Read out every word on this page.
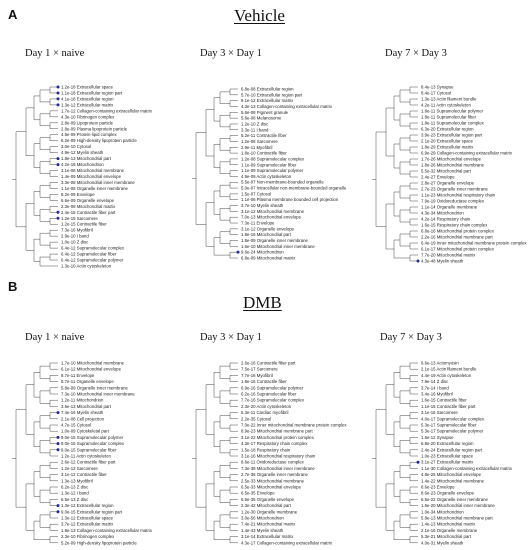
A	Vehicle
Day 1 × naive	Day 3 × Day 1	Day 7 × Day 3
1.2e-18 Extracellular space
1.1e-18 Extracellular region part
4.1e-18 Extracellular region
1.3e-12 Extracellular matrix
1.7e-12 Collagen-containing extracellular matrix
4.3e-10 Fibrinogen complex
2.8e-09 Lipoprotein particle
2.8e-09 Plasma lipoprotein particle
4.5e-09 Protein-lipid complex
6.2e-09 High-density lipoprotein particle
3.0e-10 Cytosol
4.9e-12 Myelin sheath
1.8e-13 Mitochondrial part
4.2e-18 Mitochondrion
3.1e-08 Mitochondrial membrane
1.4e-09 Mitochondrial envelope
3.3e-08 Mitochondrial inner membrane
1.1e-08 Organelle inner membrane
8.2e-09 Envelope
6.6e-09 Organelle envelope
2.3e-08 Mitochondrial matrix
2.4e-15 Contractile fiber part
1.2e-15 Sarcomere
1.2e-15 Contractile fiber
7.3e-16 Myofibril
2.9e-10 I band
1.0e-10 Z disc
6.4e-12 Supramolecular complex
6.4e-12 Supramolecular fiber
6.4e-12 Supramolecular polymer
1.3e-10 Actin cytoskeleton
6.8e-08 Extracellular region
5.7e-10 Extracellular region part
9.1e-12 Extracellular matrix
4.3e-13 Collagen-containing extracellular matrix
5.6e-08 Pigment granule
5.6e-08 Melanosome
1.2e-10 Z disc
3.3e-11 I band
5.2e-11 Contractile fiber
1.2e-08 Sarcomere
2.9e-11 Myofibril
1.8e-10 Contractile fiber
1.2e-08 Supramolecular complex
1.1e-09 Supramolecular fiber
1.1e-09 Supramolecular polymer
4.9e-09 Actin cytoskeleton
5.5e-07 Non-membrane-bounded organelle
5.0e-07 Intracellular non-membrane-bounded organelle
1.5e-07 Cytosol
1.1e-06 Plasma membrane bounded cell projection
3.7e-10 Myelin sheath
3.1e-12 Mitochondrial membrane
7.0e-13 Mitochondrial envelope
7.3e-11 Envelope
3.1e-12 Organelle envelope
1.8e-16 Mitochondrial part
1.8e-09 Organelle inner membrane
1.6e-10 Mitochondrial inner membrane
9.6e-24 Mitochondrion
6.8e-09 Mitochondrial matrix
8.4e-13 Synapse
8.4e-17 Cytosol
1.3e-13 Actin filament bundle
4.2e-11 Actin cytoskeleton
1.8e-11 Supramolecular polymer
1.8e-11 Supramolecular fiber
1.8e-11 Supramolecular complex
6.3e-20 Extracellular region
3.9e-23 Extracellular region part
2.1e-20 Extracellular space
1.8e-29 Extracellular matrix
6.9e-29 Collagen-containing extracellular matrix
1.7e-26 Mitochondrial envelope
1.8e-26 Mitochondrial membrane
5.5e-32 Mitochondrial part
2.4e-27 Envelope
2.8e-27 Organelle envelope
2.7e-23 Organelle inner membrane
1.1e-23 Mitochondrial respiratory chain
7.9e-19 Oxidoreductase complex
1.1e-14 Organelle membrane
4.3e-34 Mitochondrion
4.2e-14 Respiratory chain
1.6e-15 Respiratory chain complex
6.8e-16 Mitochondrial protein complex
2.2e-16 Mitochondrial membrane part
6.4e-19 Inner mitochondrial membrane protein complex
6.1e-17 Mitochondrial protein complex
7.7e-20 Mitochondrial matrix
4.3e-48 Myelin sheath
B
DMB
Day 1 × naive	Day 3 × Day 1	Day 7 × Day 3
1.7e-10 Mitochondrial membrane
6.1e-12 Mitochondrial envelope
8.7e-11 Envelope
8.7e-11 Organelle envelope
5.8e-09 Organelle inner membrane
7.3e-10 Mitochondrial inner membrane
1.2e-11 Mitochondrion
3.6e-13 Mitochondrial part
7.4e-16 Myelin sheath
2.1e-08 Cell projection
4.7e-15 Cytosol
1.0e-09 Cytoskeletal part
9.0e-15 Supramolecular polymer
9.0e-15 Supramolecular complex
9.0e-15 Supramolecular fiber
1.2e-11 Actin cytoskeleton
2.6e-12 Contractile fiber part
1.2e-12 Sarcomere
3.1e-12 Contractile fiber
1.3e-13 Myofibril
6.2e-13 Z disc
1.3e-12 I band
6.5e-13 Z disc
1.3e-12 Extracellular region
9.0e-15 Extracellular region part
1.3e-12 Extracellular space
3.7e-12 Extracellular matrix
1.8e-13 Collagen-containing extracellular matrix
2.3e-10 Fibrinogen complex
5.2e-09 High-density lipoprotein particle
2.6e-16 Contractile fiber part
7.5e-17 Sarcomere
7.7e-16 Myofibril
1.8e-16 Contractile fiber
6.9e-16 Supramolecular polymer
6.2e-16 Supramolecular fiber
7.7e-16 Supramolecular complex
2.3e-20 Actin cytoskeleton
5.3e-11 Cardiac myofibril
2.2e-35 Cytosol
7.0e-22 Inner mitochondrial membrane protein complex
8.9e-23 Mitochondrial membrane part
3.1e-22 Mitochondrial protein complex
4.3e-17 Respiratory chain complex
1.5e-18 Respiratory chain
3.1e-16 Mitochondrial respiratory chain
8.6e-11 Oxidoreductase complex
7.3e-38 Mitochondrial inner membrane
2.7e-36 Organelle inner membrane
2.5e-33 Mitochondrial membrane
6.5e-33 Mitochondrial envelope
6.5e-35 Envelope
6.5e-35 Organelle envelope
2.3e-42 Mitochondrial part
1.2e-30 Organelle membrane
3.0e-56 Mitochondrion
7.4e-21 Mitochondrial matrix
1.4e-43 Myelin sheath
3.1e-14 Extracellular matrix
4.3e-17 Collagen-containing extracellular matrix
9.6e-13 Actomyosin
2.1e-15 Actin filament bundle
4.4e-19 Actin cytoskeleton
7.9e-14 Z disc
3.7e-14 I band
3.4e-16 Myofibril
1.6e-15 Contractile fiber
1.1e-15 Contractile fiber part
3.1e-16 Sarcomere
4.0e-17 Supramolecular complex
5.3e-17 Supramolecular fiber
5.3e-17 Supramolecular polymer
1.5e-12 Synapse
6.8e-20 Extracellular region
2.4e-24 Extracellular region part
1.0e-23 Extracellular space
3.1e-27 Extracellular matrix
1.1e-30 Collagen-containing extracellular matrix
4.8e-25 Mitochondrial envelope
1.4e-22 Mitochondrial membrane
8.6e-23 Envelope
8.6e-23 Organelle envelope
6.5e-22 Organelle inner membrane
1.5e-20 Mitochondrial inner membrane
1.0e-34 Mitochondrion
5.8e-13 Mitochondrial membrane part
1.4e-13 Mitochondrial matrix
2.1e-16 Organelle membrane
5.3e-21 Mitochondrial part
4.0e-31 Myelin sheath
